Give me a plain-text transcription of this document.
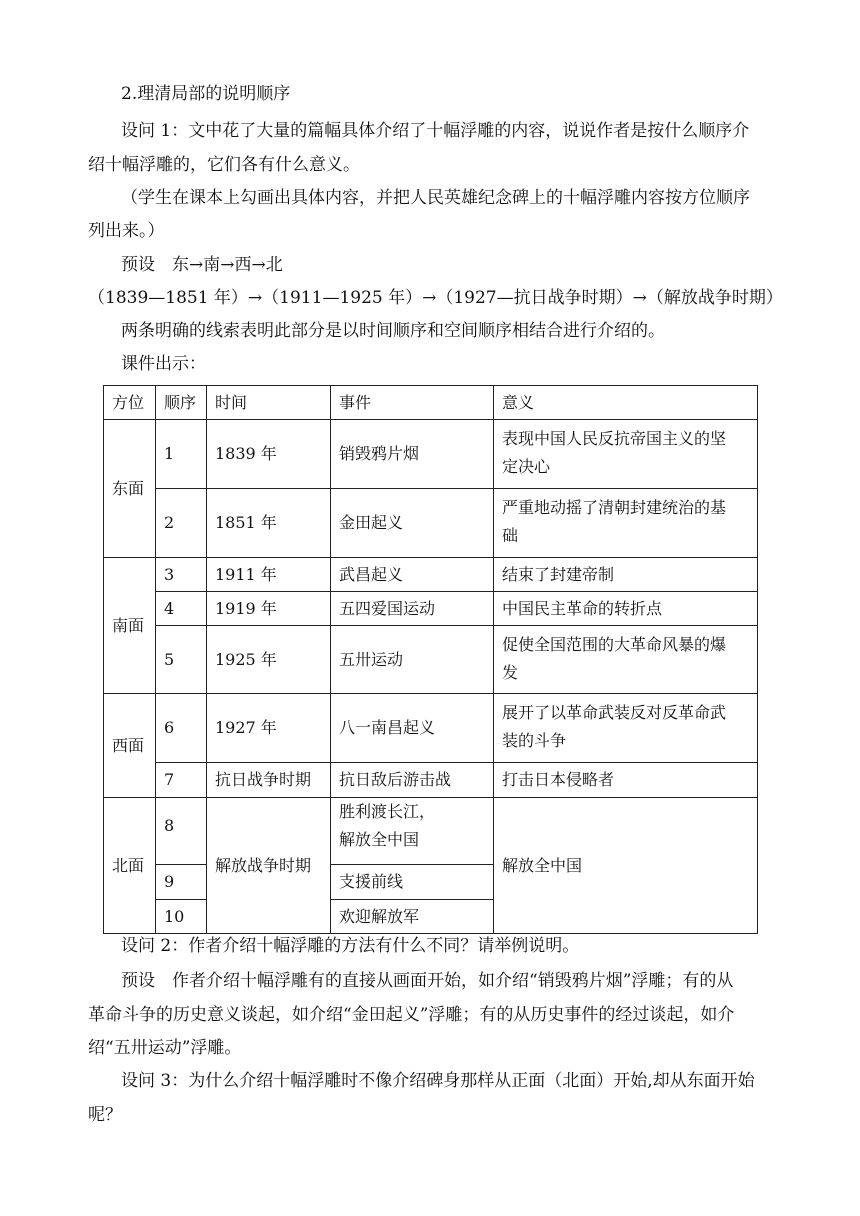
2.理清局部的说明顺序
设问 1：文中花了大量的篇幅具体介绍了十幅浮雕的内容，说说作者是按什么顺序介
绍十幅浮雕的，它们各有什么意义。
（学生在课本上勾画出具体内容，并把人民英雄纪念碑上的十幅浮雕内容按方位顺序
列出来。）
预设　东→南→西→北
（1839—1851 年）→（1911—1925 年）→（1927—抗日战争时期）→（解放战争时期）
两条明确的线索表明此部分是以时间顺序和空间顺序相结合进行介绍的。
课件出示：
方位	顺序	时间	事件	意义
东面	1	1839 年	销毁鸦片烟	表现中国人民反抗帝国主义的坚
定决心
	2	1851 年	金田起义	严重地动摇了清朝封建统治的基
础
南面	3	1911 年	武昌起义	结束了封建帝制
	4	1919 年	五四爱国运动	中国民主革命的转折点
	5	1925 年	五卅运动	促使全国范围的大革命风暴的爆
发
西面	6	1927 年	八一南昌起义	展开了以革命武装反对反革命武
装的斗争
	7	抗日战争时期	抗日敌后游击战	打击日本侵略者
北面	8	解放战争时期	胜利渡长江，
解放全中国	解放全中国
	9		支援前线	
	10		欢迎解放军	
设问 2：作者介绍十幅浮雕的方法有什么不同？请举例说明。
预设　作者介绍十幅浮雕有的直接从画面开始，如介绍“销毁鸦片烟”浮雕；有的从
革命斗争的历史意义谈起，如介绍“金田起义”浮雕；有的从历史事件的经过谈起，如介
绍“五卅运动”浮雕。
设问 3：为什么介绍十幅浮雕时不像介绍碑身那样从正面（北面）开始,却从东面开始
呢？
